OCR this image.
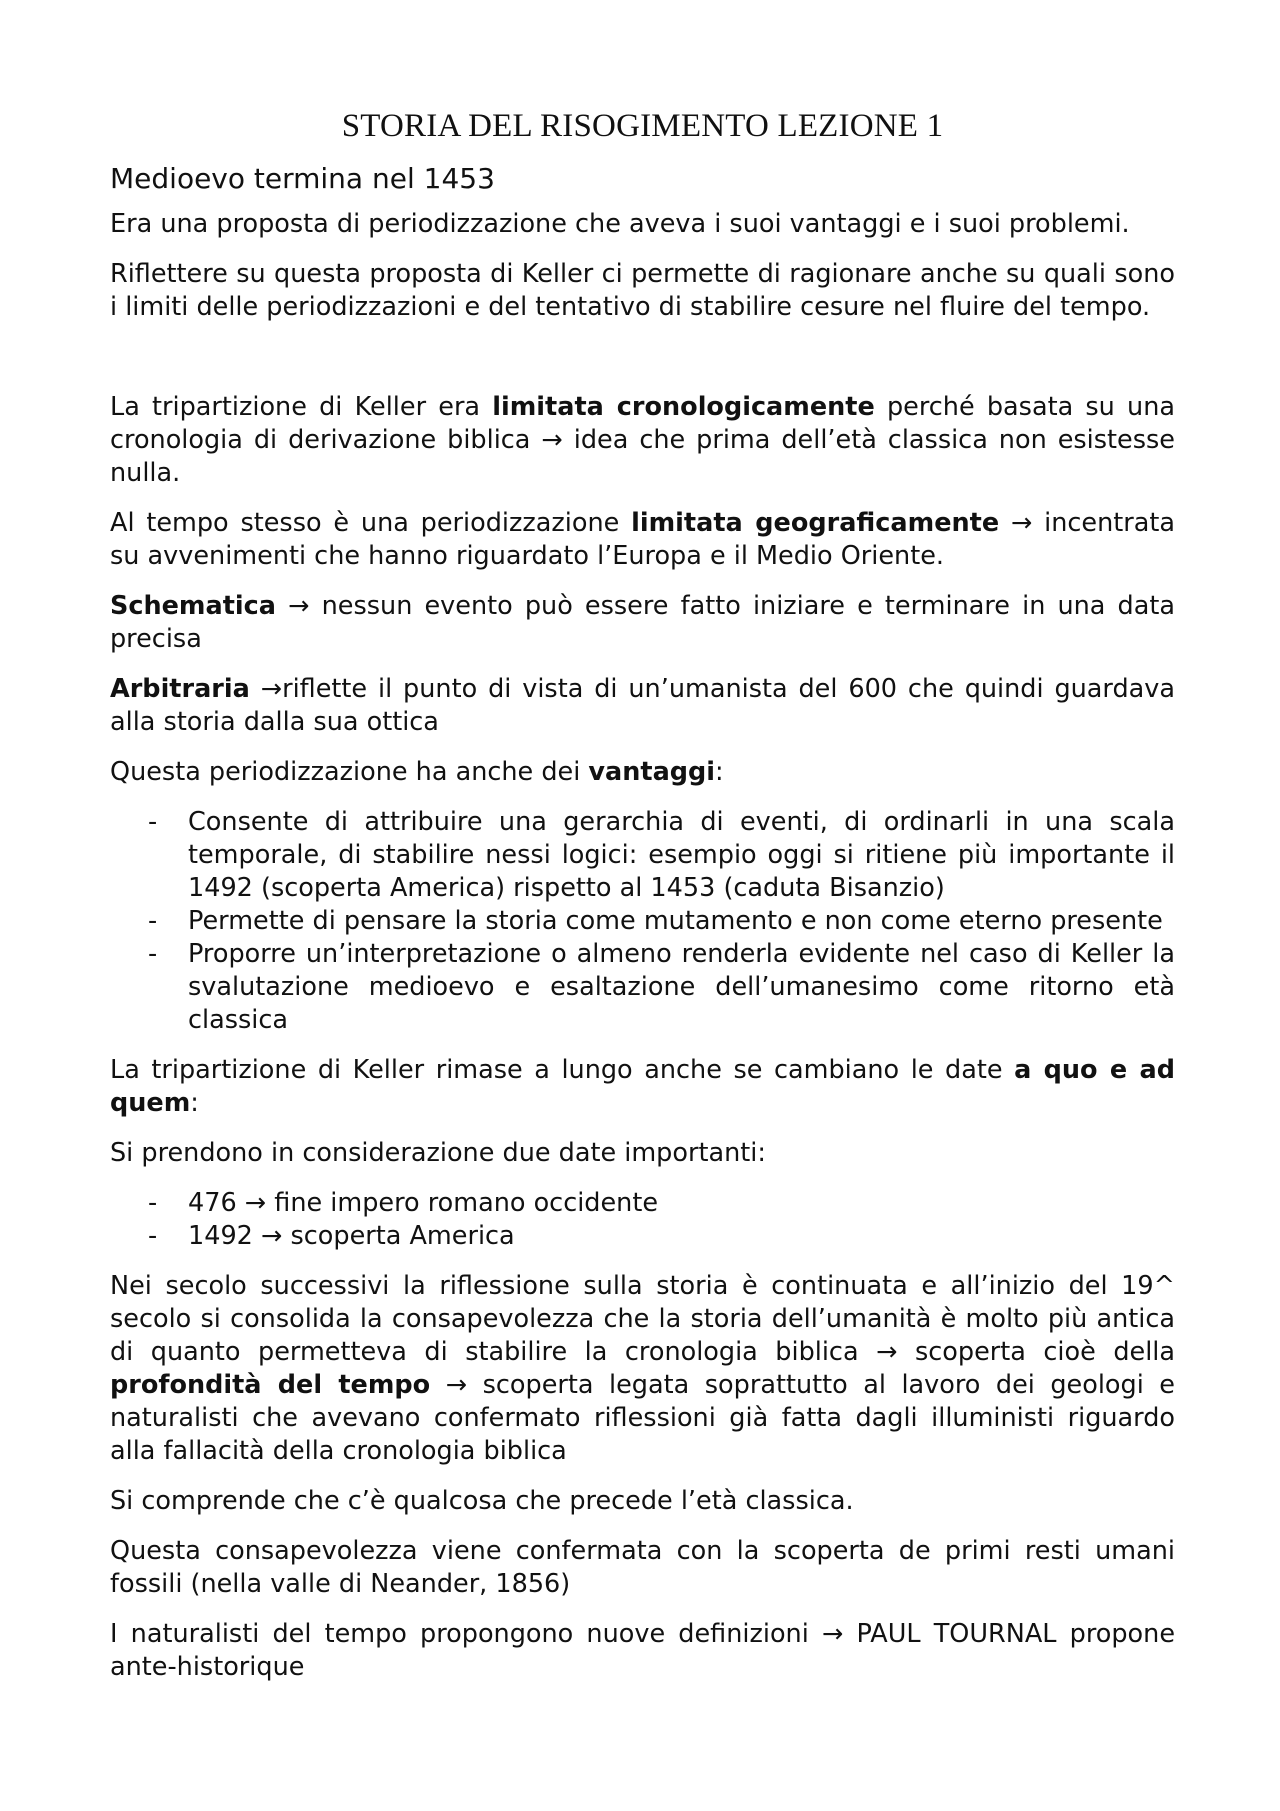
STORIA DEL RISOGIMENTO LEZIONE 1
Medioevo termina nel 1453

Era una proposta di periodizzazione che aveva i suoi vantaggi e i suoi problemi.

Riflettere su questa proposta di Keller ci permette di ragionare anche su quali sono i limiti delle periodizzazioni e del tentativo di stabilire cesure nel fluire del tempo.

La tripartizione di Keller era limitata cronologicamente perché basata su una cronologia di derivazione biblica → idea che prima dell’età classica non esistesse nulla.

Al tempo stesso è una periodizzazione limitata geograficamente → incentrata su avvenimenti che hanno riguardato l’Europa e il Medio Oriente.

Schematica → nessun evento può essere fatto iniziare e terminare in una data precisa

Arbitraria →riflette il punto di vista di un’umanista del 600 che quindi guardava alla storia dalla sua ottica

Questa periodizzazione ha anche dei vantaggi:

- Consente di attribuire una gerarchia di eventi, di ordinarli in una scala temporale, di stabilire nessi logici: esempio oggi si ritiene più importante il 1492 (scoperta America) rispetto al 1453 (caduta Bisanzio)
- Permette di pensare la storia come mutamento e non come eterno presente
- Proporre un’interpretazione o almeno renderla evidente nel caso di Keller la svalutazione medioevo e esaltazione dell’umanesimo come ritorno età classica

La tripartizione di Keller rimase a lungo anche se cambiano le date a quo e ad quem:

Si prendono in considerazione due date importanti:

- 476 → fine impero romano occidente
- 1492 → scoperta America

Nei secolo successivi la riflessione sulla storia è continuata e all’inizio del 19^ secolo si consolida la consapevolezza che la storia dell’umanità è molto più antica di quanto permetteva di stabilire la cronologia biblica → scoperta cioè della profondità del tempo → scoperta legata soprattutto al lavoro dei geologi e naturalisti che avevano confermato riflessioni già fatta dagli illuministi riguardo alla fallacità della cronologia biblica

Si comprende che c’è qualcosa che precede l’età classica.

Questa consapevolezza viene confermata con la scoperta de primi resti umani fossili (nella valle di Neander, 1856)

I naturalisti del tempo propongono nuove definizioni → PAUL TOURNAL propone ante-historique
